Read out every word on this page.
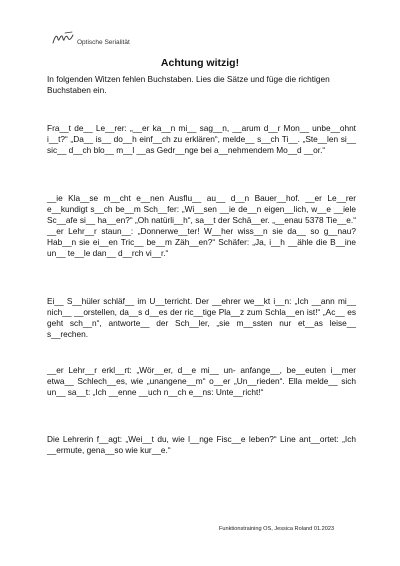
Optische Serialität
Achtung witzig!

In folgenden Witzen fehlen Buchstaben. Lies die Sätze und füge die richtigen Buchstaben ein.

Fra__t de__ Le__rer: „__er ka__n mi__ sag__n, __arum d__r Mon__ unbe__ohnt i__t?“ „Da__ is__ do__h einf__ch zu erklären“, melde__ s__ch Ti__. „Ste__len si__ sic__ d__ch blo__ m__l __as Gedr__nge bei a__nehmendem Mo__d __or.“

__ie Kla__se m__cht e__nen Ausflu__ au__ d__n Bauer__hof. __er Le__rer e__kundigt s__ch be__m Sch__fer: „Wi__sen __ie de__n eigen__lich, w__e __iele Sc__afe si__ ha__en?“ „Oh natürli__h“, sa__t der Schä__er. „__enau 5378 Tie__e.“ __er Lehr__r staun__: „Donnerwe__ter! W__her wiss__n sie da__ so g__nau? Hab__n sie ei__en Tric__ be__m Zäh__en?“ Schäfer: „Ja, i__h __ähle die B__ine un__ te__le dan__ d__rch vi__r.“

Ei__ S__hüler schläf__ im U__terricht. Der __ehrer we__kt i__n: „Ich __ann mi__ nich__ __orstellen, da__s d__es der ric__tige Pla__z zum Schla__en ist!“ „Ac__ es geht sch__n“, antworte__ der Sch__ler, „sie m__ssten nur et__as leise__ s__rechen.

__er Lehr__r erkl__rt: „Wör__er, d__e mi__ un- anfange__, be__euten i__mer etwa__ Schlech__es, wie „unangene__m“ o__er „Un__rieden“. Ella melde__ sich un__ sa__t: „Ich __enne __uch n__ch e__ns: Unte__richt!“

Die Lehrerin f__agt: „Wei__t du, wie l__nge Fisc__e leben?“ Line ant__ortet: „Ich __ermute, gena__so wie kur__e.“

Funktionstraining OS, Jessica Roland 01.2023
